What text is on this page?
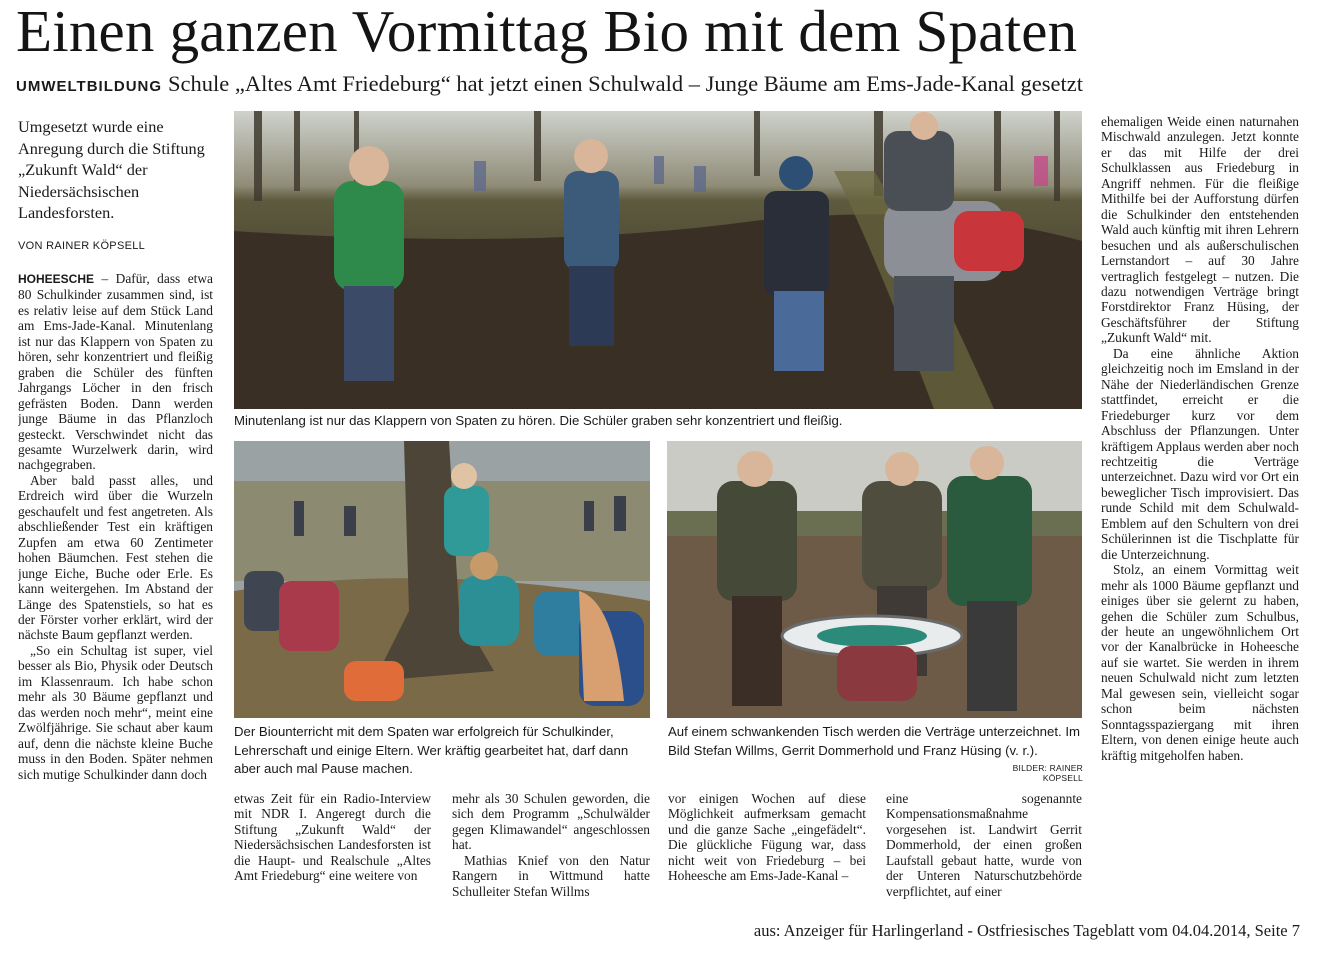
Einen ganzen Vormittag Bio mit dem Spaten
UMWELTBILDUNG Schule „Altes Amt Friedeburg“ hat jetzt einen Schulwald – Junge Bäume am Ems-Jade-Kanal gesetzt
Umgesetzt wurde eine Anregung durch die Stiftung „Zukunft Wald“ der Niedersächsischen Landesforsten.
VON RAINER KÖPSELL

HOHEESCHE – Dafür, dass etwa 80 Schulkinder zusammen sind, ist es relativ leise auf dem Stück Land am Ems-Jade-Kanal. Minutenlang ist nur das Klappern von Spaten zu hören, sehr konzentriert und fleißig graben die Schüler des fünften Jahrgangs Löcher in den frisch gefrästen Boden. Dann werden junge Bäume in das Pflanzloch gesteckt. Verschwindet nicht das gesamte Wurzelwerk darin, wird nachgegraben.

Aber bald passt alles, und Erdreich wird über die Wurzeln geschaufelt und fest angetreten. Als abschließender Test ein kräftigen Zupfen am etwa 60 Zentimeter hohen Bäumchen. Fest stehen die junge Eiche, Buche oder Erle. Es kann weitergehen. Im Abstand der Länge des Spatenstiels, so hat es der Förster vorher erklärt, wird der nächste Baum gepflanzt werden.

„So ein Schultag ist super, viel besser als Bio, Physik oder Deutsch im Klassenraum. Ich habe schon mehr als 30 Bäume gepflanzt und das werden noch mehr“, meint eine Zwölfjährige. Sie schaut aber kaum auf, denn die nächste kleine Buche muss in den Boden. Später nehmen sich mutige Schulkinder dann doch

Minutenlang ist nur das Klappern von Spaten zu hören. Die Schüler graben sehr konzentriert und fleißig.
Der Biounterricht mit dem Spaten war erfolgreich für Schulkinder, Lehrerschaft und einige Eltern. Wer kräftig gearbeitet hat, darf dann aber auch mal Pause machen.
Auf einem schwankenden Tisch werden die Verträge unterzeichnet. Im Bild Stefan Willms, Gerrit Dommerhold und Franz Hüsing (v. r.).
BILDER: RAINER KÖPSELL

etwas Zeit für ein Radio-Interview mit NDR I. Angeregt durch die Stiftung „Zukunft Wald“ der Niedersächsischen Landesforsten ist die Haupt- und Realschule „Altes Amt Friedeburg“ eine weitere von

mehr als 30 Schulen geworden, die sich dem Programm „Schulwälder gegen Klimawandel“ angeschlossen hat.

Mathias Knief von den Natur Rangern in Wittmund hatte Schulleiter Stefan Willms

vor einigen Wochen auf diese Möglichkeit aufmerksam gemacht und die ganze Sache „eingefädelt“. Die glückliche Fügung war, dass nicht weit von Friedeburg – bei Hoheesche am Ems-Jade-Kanal –

eine sogenannte Kompensationsmaßnahme vorgesehen ist. Landwirt Gerrit Dommerhold, der einen großen Laufstall gebaut hatte, wurde von der Unteren Naturschutzbehörde verpflichtet, auf einer

ehemaligen Weide einen naturnahen Mischwald anzulegen. Jetzt konnte er das mit Hilfe der drei Schulklassen aus Friedeburg in Angriff nehmen. Für die fleißige Mithilfe bei der Aufforstung dürfen die Schulkinder den entstehenden Wald auch künftig mit ihren Lehrern besuchen und als außerschulischen Lernstandort – auf 30 Jahre vertraglich festgelegt – nutzen. Die dazu notwendigen Verträge bringt Forstdirektor Franz Hüsing, der Geschäftsführer der Stiftung „Zukunft Wald“ mit.

Da eine ähnliche Aktion gleichzeitig noch im Emsland in der Nähe der Niederländischen Grenze stattfindet, erreicht er die Friedeburger kurz vor dem Abschluss der Pflanzungen. Unter kräftigem Applaus werden aber noch rechtzeitig die Verträge unterzeichnet. Dazu wird vor Ort ein beweglicher Tisch improvisiert. Das runde Schild mit dem Schulwald-Emblem auf den Schultern von drei Schülerinnen ist die Tischplatte für die Unterzeichnung.

Stolz, an einem Vormittag weit mehr als 1000 Bäume gepflanzt und einiges über sie gelernt zu haben, gehen die Schüler zum Schulbus, der heute an ungewöhnlichem Ort vor der Kanalbrücke in Hoheesche auf sie wartet. Sie werden in ihrem neuen Schulwald nicht zum letzten Mal gewesen sein, vielleicht sogar schon beim nächsten Sonntagsspaziergang mit ihren Eltern, von denen einige heute auch kräftig mitgeholfen haben.

aus: Anzeiger für Harlingerland - Ostfriesisches Tageblatt vom 04.04.2014, Seite 7
